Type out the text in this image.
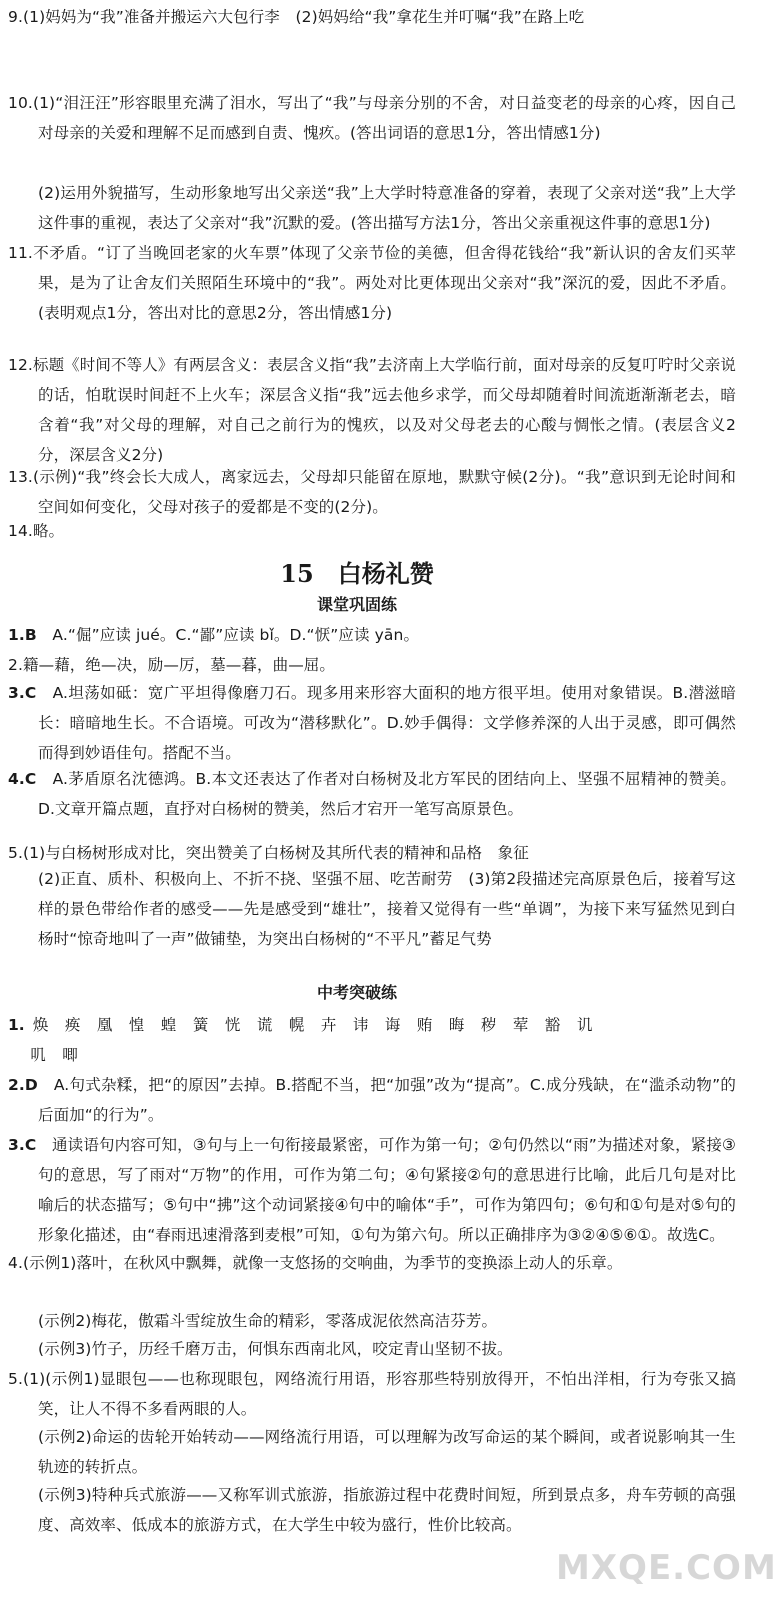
9.(1)妈妈为“我”准备并搬运六大包行李　(2)妈妈给“我”拿花生并叮嘱“我”在路上吃
10.(1)“泪汪汪”形容眼里充满了泪水，写出了“我”与母亲分别的不舍，对日益变老的母亲的心疼，因自己对母亲的关爱和理解不足而感到自责、愧疚。(答出词语的意思1分，答出情感1分)
(2)运用外貌描写，生动形象地写出父亲送“我”上大学时特意准备的穿着，表现了父亲对送“我”上大学这件事的重视，表达了父亲对“我”沉默的爱。(答出描写方法1分，答出父亲重视这件事的意思1分)
11.不矛盾。“订了当晚回老家的火车票”体现了父亲节俭的美德，但舍得花钱给“我”新认识的舍友们买苹果，是为了让舍友们关照陌生环境中的“我”。两处对比更体现出父亲对“我”深沉的爱，因此不矛盾。(表明观点1分，答出对比的意思2分，答出情感1分)
12.标题《时间不等人》有两层含义：表层含义指“我”去济南上大学临行前，面对母亲的反复叮咛时父亲说的话，怕耽误时间赶不上火车；深层含义指“我”远去他乡求学，而父母却随着时间流逝渐渐老去，暗含着“我”对父母的理解，对自己之前行为的愧疚，以及对父母老去的心酸与惆怅之情。(表层含义2分，深层含义2分)
13.(示例)“我”终会长大成人，离家远去，父母却只能留在原地，默默守候(2分)。“我”意识到无论时间和空间如何变化，父母对孩子的爱都是不变的(2分)。
14.略。
15　白杨礼赞
课堂巩固练
1.B　 A.“倔”应读 jué。C.“鄙”应读 bǐ。D.“恹”应读 yān。
2.籍—藉，绝—决，励—厉，墓—暮，曲—屈。
3.C　 A.坦荡如砥：宽广平坦得像磨刀石。现多用来形容大面积的地方很平坦。使用对象错误。B.潜滋暗长：暗暗地生长。不合语境。可改为“潜移默化”。D.妙手偶得：文学修养深的人出于灵感，即可偶然而得到妙语佳句。搭配不当。
4.C　 A.茅盾原名沈德鸿。B.本文还表达了作者对白杨树及北方军民的团结向上、坚强不屈精神的赞美。D.文章开篇点题，直抒对白杨树的赞美，然后才宕开一笔写高原景色。
5.(1)与白杨树形成对比，突出赞美了白杨树及其所代表的精神和品格　象征
(2)正直、质朴、积极向上、不折不挠、坚强不屈、吃苦耐劳　(3)第2段描述完高原景色后，接着写这样的景色带给作者的感受——先是感受到“雄壮”，接着又觉得有一些“单调”，为接下来写猛然见到白杨时“惊奇地叫了一声”做铺垫，为突出白杨树的“不平凡”蓄足气势
中考突破练
1. 焕 痪 凰 惶 蝗 簧 恍 谎 幌 卉 讳 诲 贿 晦 秽 荤 豁 讥
叽 唧
2.D　 A.句式杂糅，把“的原因”去掉。B.搭配不当，把“加强”改为“提高”。C.成分残缺，在“滥杀动物”的后面加“的行为”。
3.C　 通读语句内容可知，③句与上一句衔接最紧密，可作为第一句；②句仍然以“雨”为描述对象，紧接③句的意思，写了雨对“万物”的作用，可作为第二句；④句紧接②句的意思进行比喻，此后几句是对比喻后的状态描写；⑤句中“拂”这个动词紧接④句中的喻体“手”，可作为第四句；⑥句和①句是对⑤句的形象化描述，由“春雨迅速滑落到麦根”可知，①句为第六句。所以正确排序为③②④⑤⑥①。故选C。
4.(示例1)落叶，在秋风中飘舞，就像一支悠扬的交响曲，为季节的变换添上动人的乐章。
(示例2)梅花，傲霜斗雪绽放生命的精彩，零落成泥依然高洁芬芳。
(示例3)竹子，历经千磨万击，何惧东西南北风，咬定青山坚韧不拔。
5.(1)(示例1)显眼包——也称现眼包，网络流行用语，形容那些特别放得开，不怕出洋相，行为夸张又搞笑，让人不得不多看两眼的人。
(示例2)命运的齿轮开始转动——网络流行用语，可以理解为改写命运的某个瞬间，或者说影响其一生轨迹的转折点。
(示例3)特种兵式旅游——又称军训式旅游，指旅游过程中花费时间短，所到景点多，舟车劳顿的高强度、高效率、低成本的旅游方式，在大学生中较为盛行，性价比较高。
MXQE.COM
